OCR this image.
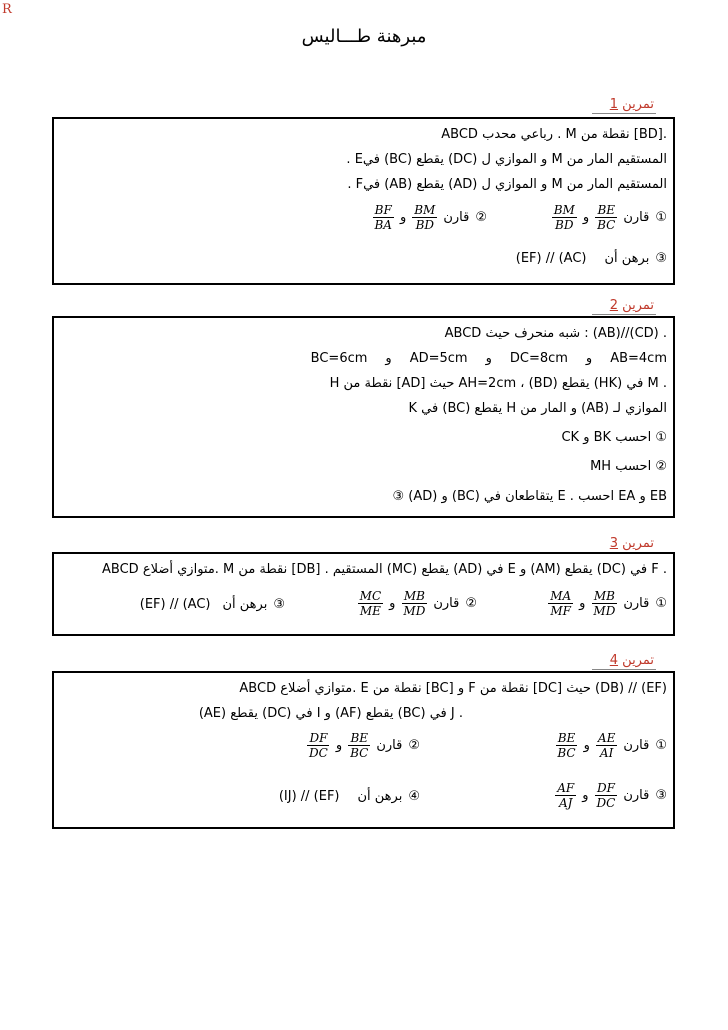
R
مبرهنة طـــاليس
تمرين 1
ABCD رباعي محدب . M نقطة من [BD].
المستقيم المار من M و الموازي ل (DC) يقطع (BC) فيE .
المستقيم المار من M و الموازي ل (AD) يقطع (AB) فيF .
①
قارن
$\frac{BE}{BC}$
و
$\frac{BM}{BD}$
②
قارن
$\frac{BM}{BD}$
و
$\frac{BF}{BA}$
③
برهن أن
(EF) // (AC)
تمرين 2
ABCD شبه منحرف حيث : (AB)//(CD) .
AB=4cm
و
DC=8cm
و
AD=5cm
و
BC=6cm
H نقطة من [AD] حيث AH=2cm ، (BD) يقطع (HK) في M .
الموازي لـ (AB) و المار من H يقطع (BC) في K
① احسب BK و CK
② احسب MH
③ (AD) و (BC) يتقاطعان في E . احسب EA و EB
تمرين 3
ABCD متوازي أضلاع. M نقطة من [DB] . المستقيم (MC) يقطع (AD) في E و (AM) يقطع (DC) في F .
①
قارن
$\frac{MB}{MD}$
و
$\frac{MA}{MF}$
②
قارن
$\frac{MB}{MD}$
و
$\frac{MC}{ME}$
③
برهن أن
(EF) // (AC)
تمرين 4
ABCD متوازي أضلاع. E نقطة من [BC] و F نقطة من [DC] حيث (DB) // (EF)
(AE) يقطع (DC) في I و (AF) يقطع (BC) في J .
①
قارن
$\frac{AE}{AI}$
و
$\frac{BE}{BC}$
②
قارن
$\frac{BE}{BC}$
و
$\frac{DF}{DC}$
③
قارن
$\frac{DF}{DC}$
و
$\frac{AF}{AJ}$
④
برهن أن
(IJ) // (EF)
